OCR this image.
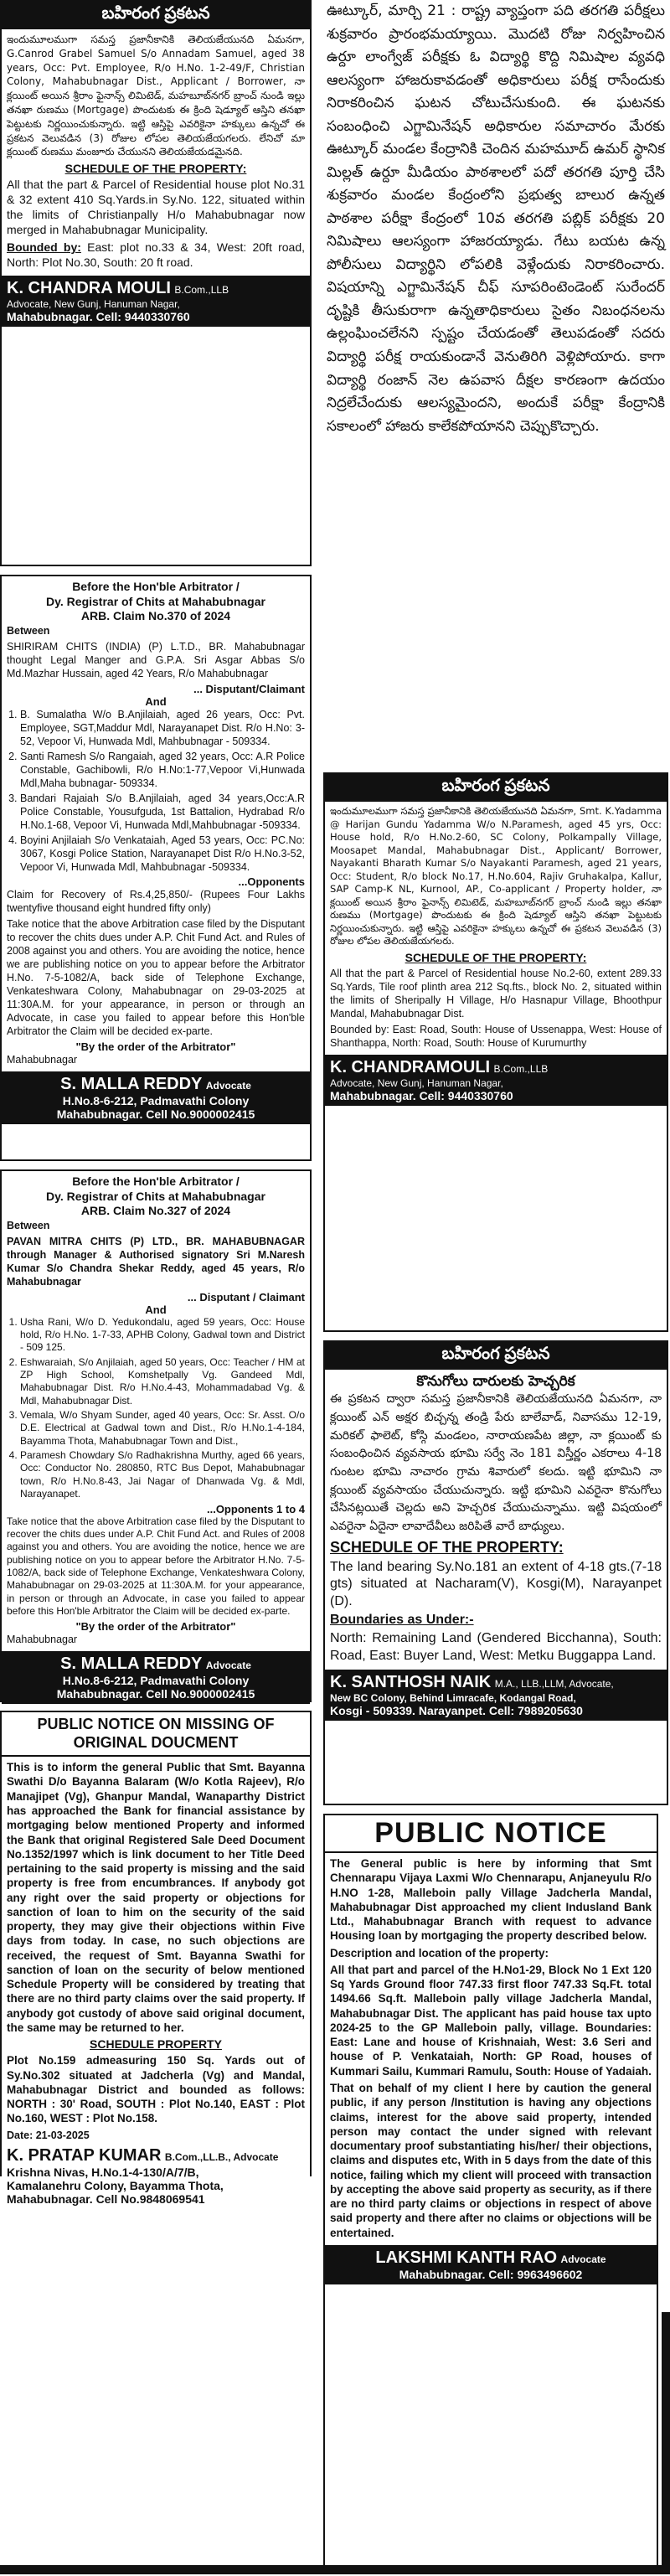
బహిరంగ ప్రకటన

ఇందుమూలముగా సమస్త ప్రజానీకానికి తెలియజేయునది ఏమనగా, G.Canrod Grabel Samuel S/o Annadam Samuel, aged 38 years, Occ: Pvt. Employee, R/o H.No. 1-2-49/F, Christian Colony, Mahabubnagar Dist., Applicant / Borrower, నా క్లయింట్ అయిన శ్రీరాం ఫైనాన్స్ లిమిటెడ్, మహబూబ్‌నగర్ బ్రాంచ్ నుండి ఇల్లు తనఖా రుణము (Mortgage) పొందుటకు ఈ క్రింది షెడ్యూల్ ఆస్తిని తనఖా పెట్టుటకు నిర్ణయించుకున్నారు. ఇట్టి ఆస్తిపై ఎవరికైనా హక్కులు ఉన్నచో ఈ ప్రకటన వెలువడిన (3) రోజుల లోపల తెలియజేయగలరు. లేనిచో మా క్లయింట్ రుణము మంజూరు చేయునని తెలియజేయడమైనది.

SCHEDULE OF THE PROPERTY:

All that the part & Parcel of Residential house plot No.31 & 32 extent 410 Sq.Yards.in Sy.No. 122, situated within the limits of Christianpally H/o Mahabubnagar now merged in Mahabubnagar Municipality.

Bounded by: East: plot no.33 & 34, West: 20ft road, North: Plot No.30, South: 20 ft road.

K. CHANDRA MOULI B.Com.,LLB
Advocate, New Gunj, Hanuman Nagar,
Mahabubnagar. Cell: 9440330760
Before the Hon'ble Arbitrator /
Dy. Registrar of Chits at Mahabubnagar
ARB. Claim No.370 of 2024
Between

SHIRIRAM CHITS (INDIA) (P) L.T.D., BR. Mahabubnagar thought Legal Manger and G.P.A. Sri Asgar Abbas S/o Md.Mazhar Hussain, aged 42 Years, R/o Mahabubnagar

... Disputant/Claimant
And
1. B. Sumalatha W/o B.Anjilaiah, aged 26 years, Occ: Pvt. Employee, SGT,Maddur Mdl, Narayanapet Dist. R/o H.No: 3-52, Vepoor Vi, Hunwada Mdl, Mahbubnagar - 509334.
2. Santi Ramesh S/o Rangaiah, aged 32 years, Occ: A.R Police Constable, Gachibowli, R/o H.No:1-77,Vepoor Vi,Hunwada Mdl,Maha bubnagar- 509334.
3. Bandari Rajaiah S/o B.Anjilaiah, aged 34 years,Occ:A.R Police Constable, Yousufguda, 1st Battalion, Hydrabad R/o H.No.1-68, Vepoor Vi, Hunwada Mdl,Mahbubnagar -509334.
4. Boyini Anjilaiah S/o Venkataiah, Aged 53 years, Occ: PC.No: 3067, Kosgi Police Station, Narayanapet Dist R/o H.No.3-52, Vepoor Vi, Hunwada Mdl, Mahbubnagar -509334.
...Opponents

Claim for Recovery of Rs.4,25,850/- (Rupees Four Lakhs twentyfive thousand eight hundred fifty only)

Take notice that the above Arbitration case filed by the Disputant to recover the chits dues under A.P. Chit Fund Act. and Rules of 2008 against you and others. You are avoiding the notice, hence we are publishing notice on you to appear before the Arbitrator H.No. 7-5-1082/A, back side of Telephone Exchange, Venkateshwara Colony, Mahabubnagar on 29-03-2025 at 11:30A.M. for your appearance, in person or through an Advocate, in case you failed to appear before this Hon'ble Arbitrator the Claim will be decided ex-parte.

"By the order of the Arbitrator"
Mahabubnagar
S. MALLA REDDY Advocate
H.No.8-6-212, Padmavathi Colony
Mahabubnagar. Cell No.9000002415
Before the Hon'ble Arbitrator /
Dy. Registrar of Chits at Mahabubnagar
ARB. Claim No.327 of 2024
Between

PAVAN MITRA CHITS (P) LTD., BR. MAHABUBNAGAR through Manager & Authorised signatory Sri M.Naresh Kumar S/o Chandra Shekar Reddy, aged 45 years, R/o Mahabubnagar

... Disputant / Claimant
And
1. Usha Rani, W/o D. Yedukondalu, aged 59 years, Occ: House hold, R/o H.No. 1-7-33, APHB Colony, Gadwal town and District - 509 125.
2. Eshwaraiah, S/o Anjilaiah, aged 50 years, Occ: Teacher / HM at ZP High School, Komshetpally Vg. Gandeed Mdl, Mahabubnagar Dist. R/o H.No.4-43, Mohammadabad Vg. & Mdl, Mahabubnagar Dist.
3. Vemala, W/o Shyam Sunder, aged 40 years, Occ: Sr. Asst. O/o D.E. Electrical at Gadwal town and Dist., R/o H.No.1-4-184, Bayamma Thota, Mahabubnagar Town and Dist.,
4. Paramesh Chowdary S/o Radhakrishna Murthy, aged 66 years, Occ: Conductor No. 280850, RTC Bus Depot, Mahabubnagar town, R/o H.No.8-43, Jai Nagar of Dhanwada Vg. & Mdl, Narayanapet.
...Opponents 1 to 4

Take notice that the above Arbitration case filed by the Disputant to recover the chits dues under A.P. Chit Fund Act. and Rules of 2008 against you and others. You are avoiding the notice, hence we are publishing notice on you to appear before the Arbitrator H.No. 7-5-1082/A, back side of Telephone Exchange, Venkateshwara Colony, Mahabubnagar on 29-03-2025 at 11:30A.M. for your appearance, in person or through an Advocate, in case you failed to appear before this Hon'ble Arbitrator the Claim will be decided ex-parte.

"By the order of the Arbitrator"
Mahabubnagar
S. MALLA REDDY Advocate
H.No.8-6-212, Padmavathi Colony
Mahabubnagar. Cell No.9000002415
PUBLIC NOTICE ON MISSING OF ORIGINAL DOUCMENT

This is to inform the general Public that Smt. Bayanna Swathi D/o Bayanna Balaram (W/o Kotla Rajeev), R/o Manajipet (Vg), Ghanpur Mandal, Wanaparthy District has approached the Bank for financial assistance by mortgaging below mentioned Property and informed the Bank that original Registered Sale Deed Document No.1352/1997 which is link document to her Title Deed pertaining to the said property is missing and the said property is free from encumbrances. If anybody got any right over the said property or objections for sanction of loan to him on the security of the said property, they may give their objections within Five days from today. In case, no such objections are received, the request of Smt. Bayanna Swathi for sanction of loan on the security of below mentioned Schedule Property will be considered by treating that there are no third party claims over the said property. If anybody got custody of above said original document, the same may be returned to her.

SCHEDULE PROPERTY

Plot No.159 admeasuring 150 Sq. Yards out of Sy.No.302 situated at Jadcherla (Vg) and Mandal, Mahabubnagar District and bounded as follows: NORTH : 30' Road, SOUTH : Plot No.140, EAST : Plot No.160, WEST : Plot No.158.

Date: 21-03-2025
K. PRATAP KUMAR B.Com.,LL.B., Advocate
Krishna Nivas, H.No.1-4-130/A/7/B,
Kamalanehru Colony, Bayamma Thota,
Mahabubnagar. Cell No.9848069541

ఊట్కూర్, మార్చి 21 : రాష్ట్ర వ్యాప్తంగా పది తరగతి పరీక్షలు శుక్రవారం ప్రారంభమయ్యాయి. మొదటి రోజు నిర్వహించిన ఉర్దూ లాంగ్వేజ్ పరీక్షకు ఓ విద్యార్థి కొద్ది నిమిషాల వ్యవధి ఆలస్యంగా హాజరుకావడంతో అధికారులు పరీక్ష రాసేందుకు నిరాకరించిన ఘటన చోటుచేసుకుంది. ఈ ఘటనకు సంబంధించి ఎగ్జామినేషన్ అధికారుల సమాచారం మేరకు ఊట్కూర్ మండల కేంద్రానికి చెందిన మహమూద్ ఉమర్ స్థానిక మిల్లత్ ఉర్దూ మీడియం పాఠశాలలో పదో తరగతి పూర్తి చేసి శుక్రవారం మండల కేంద్రంలోని ప్రభుత్వ బాలుర ఉన్నత పాఠశాల పరీక్షా కేంద్రంలో 10వ తరగతి పబ్లిక్ పరీక్షకు 20 నిమిషాలు ఆలస్యంగా హాజరయ్యాడు. గేటు బయట ఉన్న పోలీసులు విద్యార్థిని లోపలికి వెళ్లేందుకు నిరాకరించారు. విషయాన్ని ఎగ్జామినేషన్ చీఫ్ సూపరింటెండెంట్ సురేందర్ దృష్టికి తీసుకురాగా ఉన్నతాధికారులు సైతం నిబంధనలను ఉల్లంఘించలేనని స్పష్టం చేయడంతో తెలుపడంతో సదరు విద్యార్థి పరీక్ష రాయకుండానే వెనుతిరిగి వెళ్లిపోయారు. కాగా విద్యార్థి రంజాన్ నెల ఉపవాస దీక్షల కారణంగా ఉదయం నిద్రలేచేందుకు ఆలస్యమైందని, అందుకే పరీక్షా కేంద్రానికి సకాలంలో హాజరు కాలేకపోయానని చెప్పుకొచ్చారు.

బహిరంగ ప్రకటన

ఇందుమూలముగా సమస్త ప్రజానీకానికి తెలియజేయునది ఏమనగా, Smt. K.Yadamma @ Harijan Gundu Yadamma W/o N.Paramesh, aged 45 yrs, Occ: House hold, R/o H.No.2-60, SC Colony, Polkampally Village, Moosapet Mandal, Mahabubnagar Dist., Applicant/ Borrower, Nayakanti Bharath Kumar S/o Nayakanti Paramesh, aged 21 years, Occ: Student, R/o block No.17, H.No.604, Rajiv Gruhakalpa, Kallur, SAP Camp-K NL, Kurnool, AP., Co-applicant / Property holder, నా క్లయింట్ అయిన శ్రీరాం ఫైనాన్స్ లిమిటెడ్, మహబూబ్‌నగర్ బ్రాంచ్ నుండి ఇల్లు తనఖా రుణము (Mortgage) పొందుటకు ఈ క్రింది షెడ్యూల్ ఆస్తిని తనఖా పెట్టుటకు నిర్ణయించుకున్నారు. ఇట్టి ఆస్తిపై ఎవరికైనా హక్కులు ఉన్నచో ఈ ప్రకటన వెలువడిన (3) రోజుల లోపల తెలియజేయగలరు.

SCHEDULE OF THE PROPERTY:

All that the part & Parcel of Residential house No.2-60, extent 289.33 Sq.Yards, Tile roof plinth area 212 Sq.fts., block No. 2, situated within the limits of Sheripally H Village, H/o Hasnapur Village, Bhoothpur Mandal, Mahabubnagar Dist.

Bounded by: East: Road, South: House of Ussenappa, West: House of Shanthappa, North: Road, South: House of Kurumurthy

K. CHANDRAMOULI B.Com.,LLB
Advocate, New Gunj, Hanuman Nagar,
Mahabubnagar. Cell: 9440330760
బహిరంగ ప్రకటన
కొనుగోలు దారులకు హెచ్చరిక

ఈ ప్రకటన ద్వారా సమస్త ప్రజానీకానికి తెలియజేయునది ఏమనగా, నా క్లయింట్ ఎన్ అక్షర బిచ్చన్న తండ్రి పేరు బాలేవాడ్, నివాసము 12-19, మరికల్ ఫాలెట్, కోస్గి మండలం, నారాయణపేట జిల్లా, నా క్లయింట్ కు సంబంధించిన వ్యవసాయ భూమి సర్వే నెం 181 విస్తీర్ణం ఎకరాలు 4-18 గుంటల భూమి నాచారం గ్రామ శివారులో కలదు. ఇట్టి భూమిని నా క్లయింట్ వ్యవసాయం చేయుచున్నారు. ఇట్టి భూమిని ఎవరైనా కొనుగోలు చేసినట్లయితే చెల్లదు అని హెచ్చరిక చేయుచున్నాము. ఇట్టి విషయంలో ఎవరైనా ఏదైనా లావాదేవీలు జరిపితే వారే బాధ్యులు.

SCHEDULE OF THE PROPERTY:

The land bearing Sy.No.181 an extent of 4-18 gts.(7-18 gts) situated at Nacharam(V), Kosgi(M), Narayanpet (D).

Boundaries as Under:-

North: Remaining Land (Gendered Bicchanna), South: Road, East: Buyer Land, West: Metku Buggappa Land.

K. SANTHOSH NAIK M.A., LLB.,LLM, Advocate,
New BC Colony, Behind Limracafe, Kodangal Road,
Kosgi - 509339. Narayanpet. Cell: 7989205630
PUBLIC NOTICE

The General public is here by informing that Smt Chennarapu Vijaya Laxmi W/o Chennarapu, Anjaneyulu R/o H.NO 1-28, Malleboin pally Village Jadcherla Mandal, Mahabubnagar Dist approached my client Indusland Bank Ltd., Mahabubnagar Branch with request to advance Housing loan by mortgaging the property described below.

Description and location of the property:

All that part and parcel of the H.No1-29, Block No 1 Ext 120 Sq Yards Ground floor 747.33 first floor 747.33 Sq.Ft. total 1494.66 Sq.ft. Malleboin pally village Jadcherla Mandal, Mahabubnagar Dist. The applicant has paid house tax upto 2024-25 to the GP Malleboin pally, village. Boundaries: East: Lane and house of Krishnaiah, West: 3.6 Seri and house of P. Venkataiah, North: GP Road, houses of Kummari Sailu, Kummari Ramulu, South: House of Yadaiah.

That on behalf of my client I here by caution the general public, if any person /Institution is having any objections claims, interest for the above said property, intended person may contact the under signed with relevant documentary proof substantiating his/her/ their objections, claims and disputes etc, With in 5 days from the date of this notice, failing which my client will proceed with transaction by accepting the above said property as security, as if there are no third party claims or objections in respect of above said property and there after no claims or objections will be entertained.

LAKSHMI KANTH RAO Advocate
Mahabubnagar. Cell: 9963496602
